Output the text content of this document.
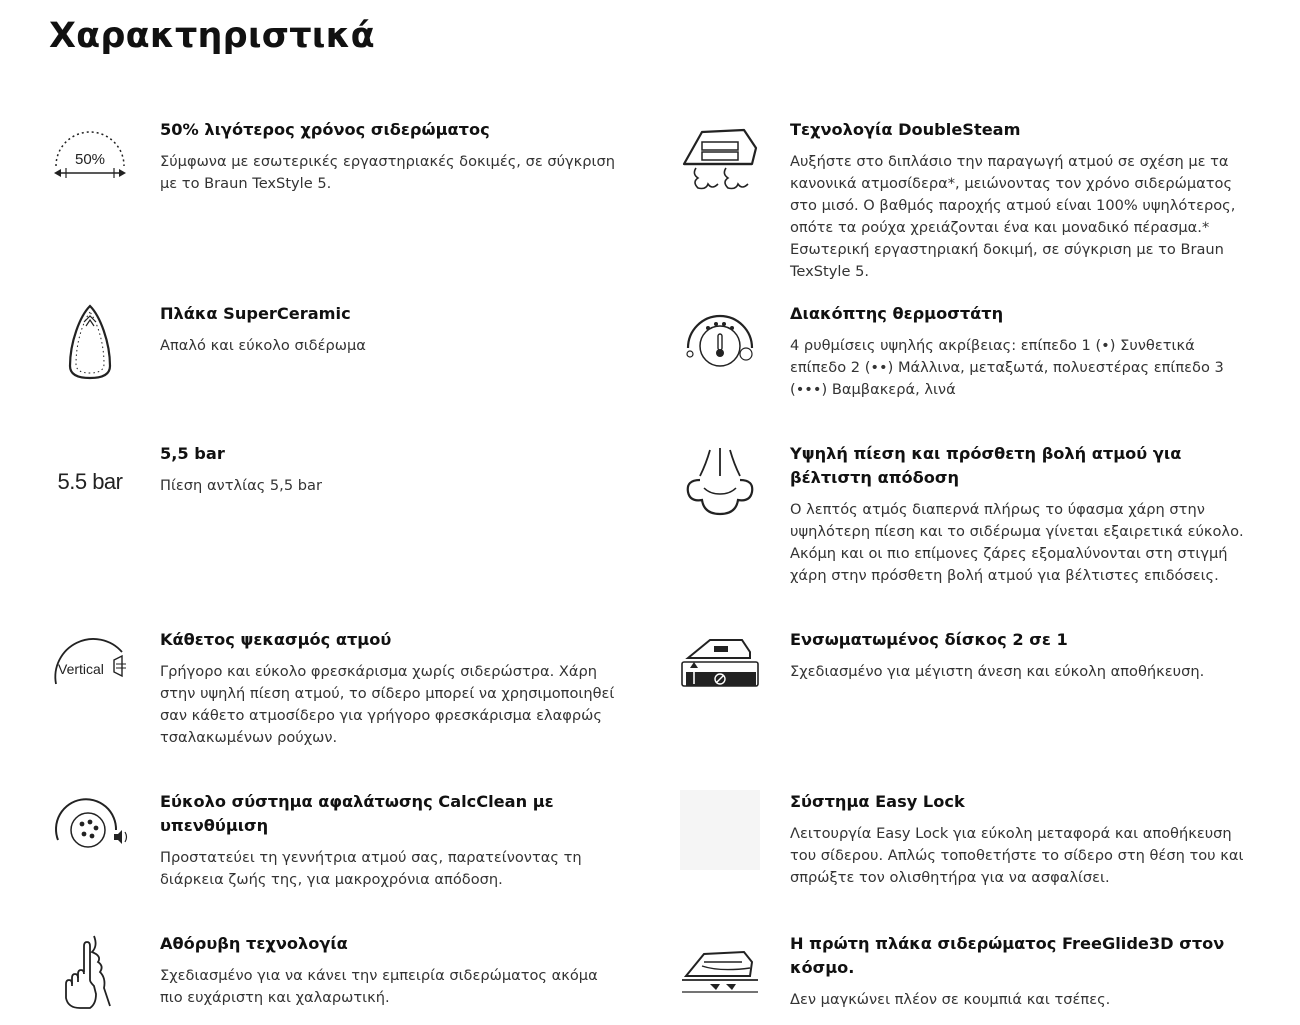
Χαρακτηριστικά
50%
50% λιγότερος χρόνος σιδερώματος

Σύμφωνα με εσωτερικές εργαστηριακές δοκιμές, σε σύγκριση με το Braun TexStyle 5.

Τεχνολογία DoubleSteam

Αυξήστε στο διπλάσιο την παραγωγή ατμού σε σχέση με τα κανονικά ατμοσίδερα*, μειώνοντας τον χρόνο σιδερώματος στο μισό. Ο βαθμός παροχής ατμού είναι 100% υψηλότερος, οπότε τα ρούχα χρειάζονται ένα και μοναδικό πέρασμα.* Εσωτερική εργαστηριακή δοκιμή, σε σύγκριση με το Braun TexStyle 5.

Πλάκα SuperCeramic

Απαλό και εύκολο σιδέρωμα

Διακόπτης θερμοστάτη

4 ρυθμίσεις υψηλής ακρίβειας: επίπεδο 1 (•) Συνθετικά επίπεδο 2 (••) Μάλλινα, μεταξωτά, πολυεστέρας επίπεδο 3 (•••) Βαμβακερά, λινά

5.5 bar
5,5 bar

Πίεση αντλίας 5,5 bar

Υψηλή πίεση και πρόσθετη βολή ατμού για βέλτιστη απόδοση

Ο λεπτός ατμός διαπερνά πλήρως το ύφασμα χάρη στην υψηλότερη πίεση και το σιδέρωμα γίνεται εξαιρετικά εύκολο. Ακόμη και οι πιο επίμονες ζάρες εξομαλύνονται στη στιγμή χάρη στην πρόσθετη βολή ατμού για βέλτιστες επιδόσεις.

Vertical
Κάθετος ψεκασμός ατμού

Γρήγορο και εύκολο φρεσκάρισμα χωρίς σιδερώστρα. Χάρη στην υψηλή πίεση ατμού, το σίδερο μπορεί να χρησιμοποιηθεί σαν κάθετο ατμοσίδερο για γρήγορο φρεσκάρισμα ελαφρώς τσαλακωμένων ρούχων.

Ενσωματωμένος δίσκος 2 σε 1

Σχεδιασμένο για μέγιστη άνεση και εύκολη αποθήκευση.

Εύκολο σύστημα αφαλάτωσης CalcClean με υπενθύμιση

Προστατεύει τη γεννήτρια ατμού σας, παρατείνοντας τη διάρκεια ζωής της, για μακροχρόνια απόδοση.

Σύστημα Easy Lock

Λειτουργία Easy Lock για εύκολη μεταφορά και αποθήκευση του σίδερου. Απλώς τοποθετήστε το σίδερο στη θέση του και σπρώξτε τον ολισθητήρα για να ασφαλίσει.

Αθόρυβη τεχνολογία

Σχεδιασμένο για να κάνει την εμπειρία σιδερώματος ακόμα πιο ευχάριστη και χαλαρωτική.

Η πρώτη πλάκα σιδερώματος FreeGlide3D στον κόσμο.

Δεν μαγκώνει πλέον σε κουμπιά και τσέπες.
